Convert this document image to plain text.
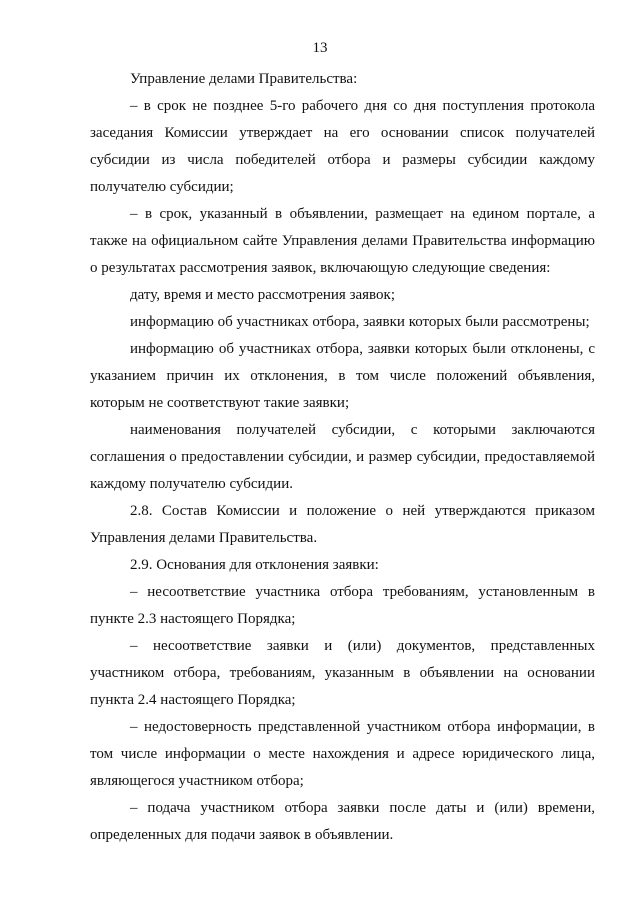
13

Управление делами Правительства:

– в срок не позднее 5-го рабочего дня со дня поступления протокола заседания Комиссии утверждает на его основании список получателей субсидии из числа победителей отбора и размеры субсидии каждому получателю субсидии;

– в срок, указанный в объявлении, размещает на едином портале, а также на официальном сайте Управления делами Правительства информацию о результатах рассмотрения заявок, включающую следующие сведения:

дату, время и место рассмотрения заявок;

информацию об участниках отбора, заявки которых были рассмотрены;

информацию об участниках отбора, заявки которых были отклонены, с указанием причин их отклонения, в том числе положений объявления, которым не соответствуют такие заявки;

наименования получателей субсидии, с которыми заключаются соглашения о предоставлении субсидии, и размер субсидии, предоставляемой каждому получателю субсидии.

2.8. Состав Комиссии и положение о ней утверждаются приказом Управления делами Правительства.

2.9. Основания для отклонения заявки:

– несоответствие участника отбора требованиям, установленным в пункте 2.3 настоящего Порядка;

– несоответствие заявки и (или) документов, представленных участником отбора, требованиям, указанным в объявлении на основании пункта 2.4 настоящего Порядка;

– недостоверность представленной участником отбора информации, в том числе информации о месте нахождения и адресе юридического лица, являющегося участником отбора;

– подача участником отбора заявки после даты и (или) времени, определенных для подачи заявок в объявлении.
